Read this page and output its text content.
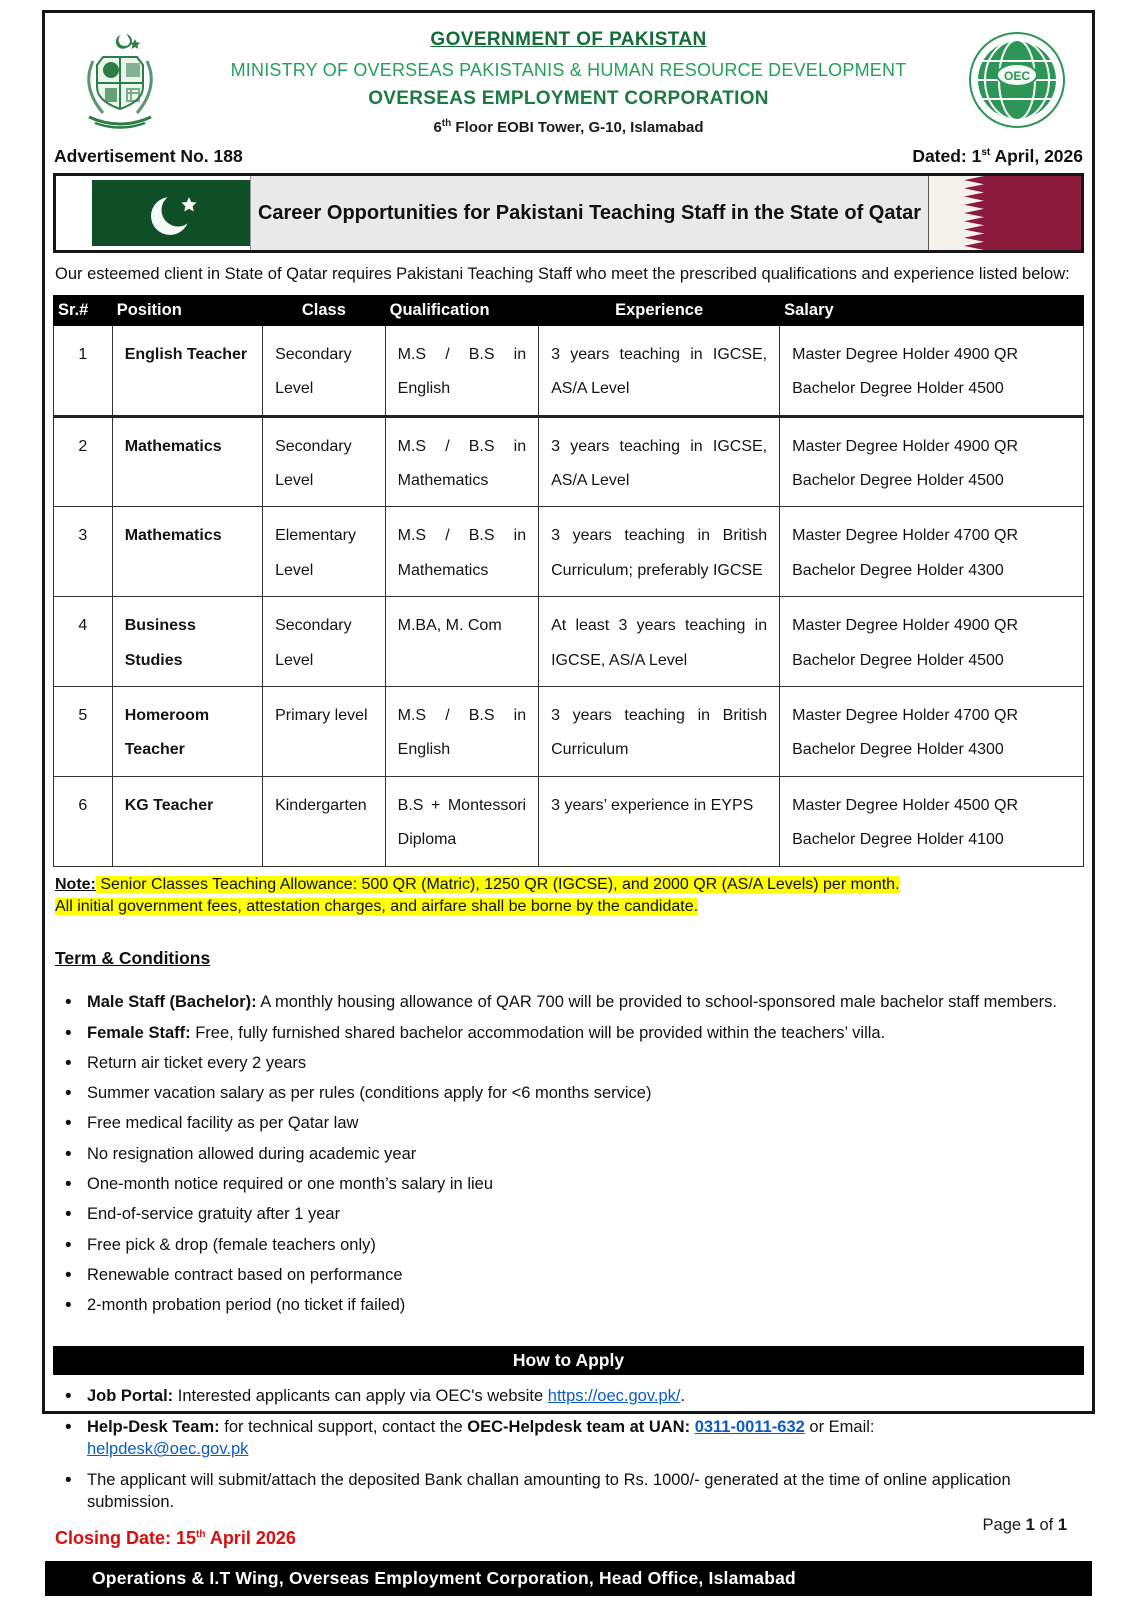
GOVERNMENT OF PAKISTAN
MINISTRY OF OVERSEAS PAKISTANIS & HUMAN RESOURCE DEVELOPMENT
OVERSEAS EMPLOYMENT CORPORATION
6th Floor EOBI Tower, G-10, Islamabad
OEC
Advertisement No. 188	Dated: 1st April, 2026
Career Opportunities for Pakistani Teaching Staff in the State of Qatar

Our esteemed client in State of Qatar requires Pakistani Teaching Staff who meet the prescribed qualifications and experience listed below:

Sr.#	Position	Class	Qualification	Experience	Salary
1	English Teacher	Secondary Level	M.S / B.S in English	3 years teaching in IGCSE, AS/A Level	Master Degree Holder 4900 QR
Bachelor Degree Holder 4500

2	Mathematics	Secondary Level	M.S / B.S in Mathematics	3 years teaching in IGCSE, AS/A Level	Master Degree Holder 4900 QR
Bachelor Degree Holder 4500

3	Mathematics	Elementary Level	M.S / B.S in Mathematics	3 years teaching in British Curriculum; preferably IGCSE	Master Degree Holder 4700 QR
Bachelor Degree Holder 4300

4	Business Studies	Secondary Level	M.BA, M. Com	At least 3 years teaching in IGCSE, AS/A Level	Master Degree Holder 4900 QR
Bachelor Degree Holder 4500

5	Homeroom Teacher	Primary level	M.S / B.S in English	3 years teaching in British Curriculum	Master Degree Holder 4700 QR
Bachelor Degree Holder 4300

6	KG Teacher	Kindergarten	B.S + Montessori Diploma	3 years’ experience in EYPS	Master Degree Holder 4500 QR
Bachelor Degree Holder 4100
Note: Senior Classes Teaching Allowance: 500 QR (Matric), 1250 QR (IGCSE), and 2000 QR (AS/A Levels) per month.
All initial government fees, attestation charges, and airfare shall be borne by the candidate.
Term & Conditions
• Male Staff (Bachelor): A monthly housing allowance of QAR 700 will be provided to school-sponsored male bachelor staff members.
• Female Staff: Free, fully furnished shared bachelor accommodation will be provided within the teachers’ villa.
• Return air ticket every 2 years
• Summer vacation salary as per rules (conditions apply for <6 months service)
• Free medical facility as per Qatar law
• No resignation allowed during academic year
• One-month notice required or one month’s salary in lieu
• End-of-service gratuity after 1 year
• Free pick & drop (female teachers only)
• Renewable contract based on performance
• 2-month probation period (no ticket if failed)
How to Apply
• Job Portal: Interested applicants can apply via OEC's website https://oec.gov.pk/.
• Help-Desk Team: for technical support, contact the OEC-Helpdesk team at UAN: 0311-0011-632 or Email:
helpdesk@oec.gov.pk
• The applicant will submit/attach the deposited Bank challan amounting to Rs. 1000/- generated at the time of online application submission.
Closing Date: 15th April 2026
Operations & I.T Wing, Overseas Employment Corporation, Head Office, Islamabad
Page 1 of 1
